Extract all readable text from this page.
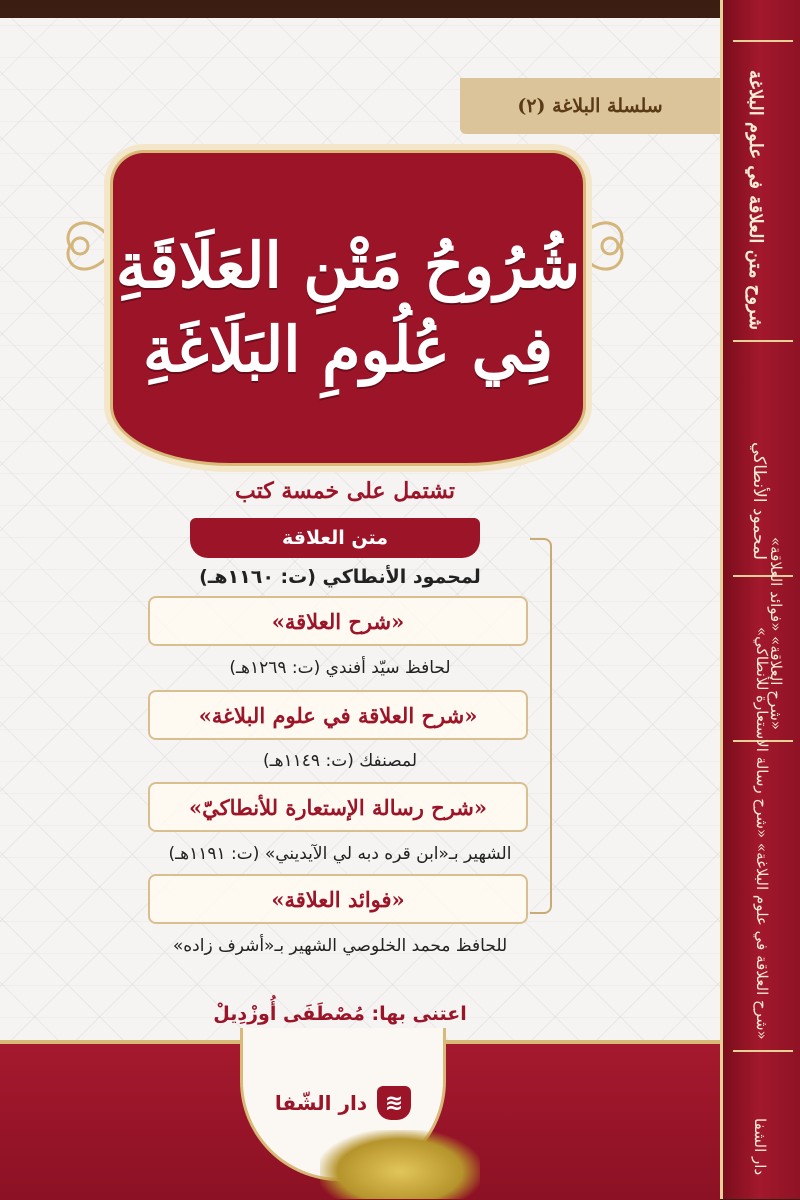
سلسلة البلاغة (٢)
شُرُوحُ مَتْنِ العَلَاقَةِ
فِي عُلُومِ البَلَاغَةِ
تشتمل على خمسة كتب
متن العلاقة
لمحمود الأنطاكي (ت: ١١٦٠هـ)
«شرح العلاقة»
لحافظ سيّد أفندي (ت: ١٢٦٩هـ)
«شرح العلاقة في علوم البلاغة»
لمصنفك (ت: ١١٤٩هـ)
«شرح رسالة الإستعارة للأنطاكيّ»
الشهير بـ«ابن قره دبه لي الآيديني» (ت: ١١٩١هـ)
«فوائد العلاقة»
للحافظ محمد الخلوصي الشهير بـ«أشرف زاده»
اعتنى بها: مُصْطَفَى أُوزْدِيلْ
دار الشّفا ≋
شروح متن العلاقة في علوم البلاغة
لمحمود الأنطاكي
«شرح العلاقة» «فوائد العلاقة»
«شرح العلاقة في علوم البلاغة» «شرح رسالة الاستعارة للأنطاكي»
دار الشفا
